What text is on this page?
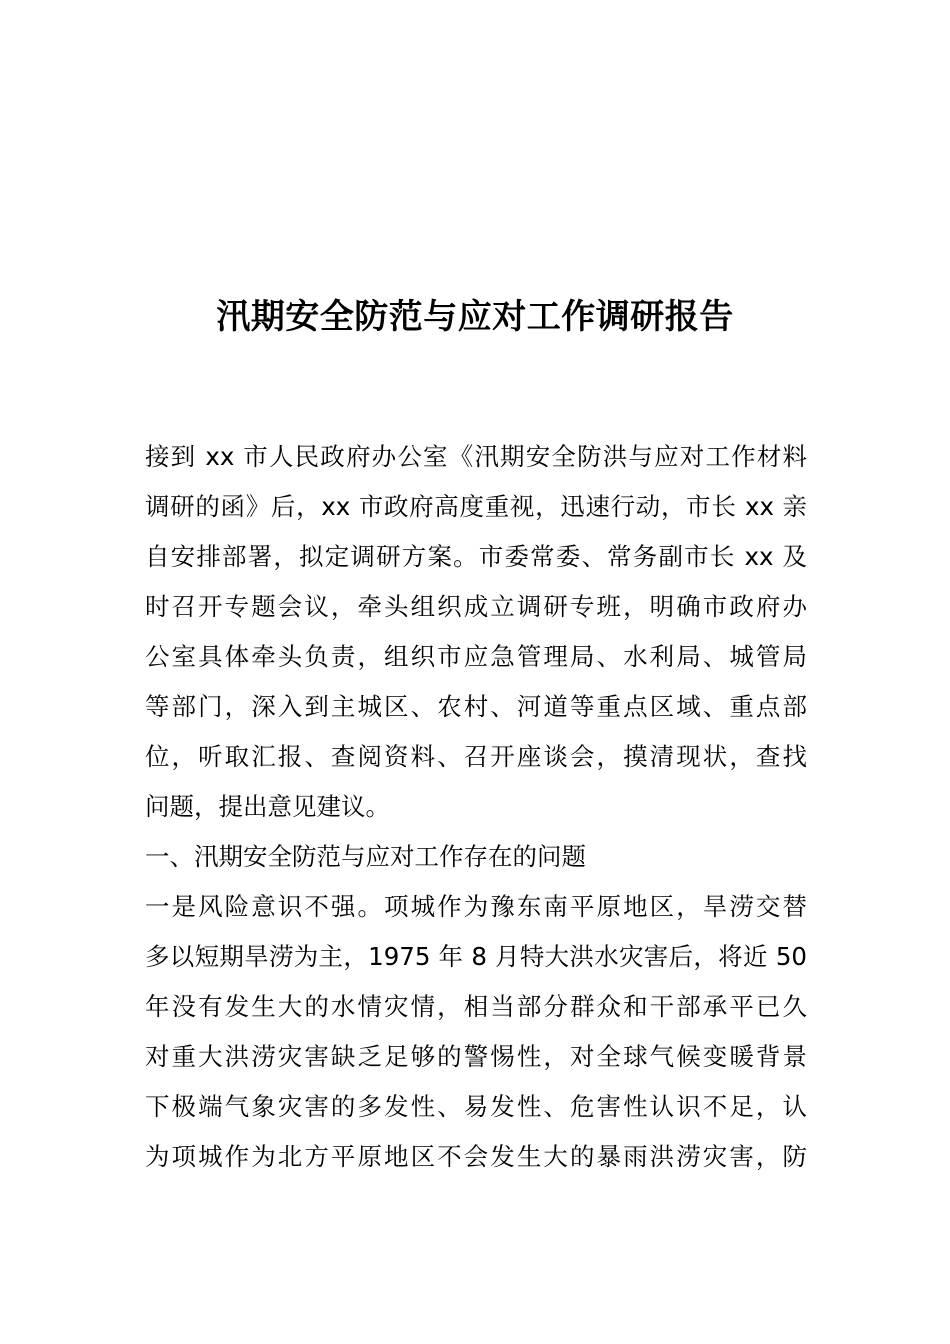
汛期安全防范与应对工作调研报告
接到 xx 市人民政府办公室《汛期安全防洪与应对工作材料
调研的函》后，xx 市政府高度重视，迅速行动，市长 xx 亲
自安排部署，拟定调研方案。市委常委、常务副市长 xx 及
时召开专题会议，牵头组织成立调研专班，明确市政府办
公室具体牵头负责，组织市应急管理局、水利局、城管局
等部门，深入到主城区、农村、河道等重点区域、重点部
位，听取汇报、查阅资料、召开座谈会，摸清现状，查找
问题，提出意见建议。
一、汛期安全防范与应对工作存在的问题
一是风险意识不强。项城作为豫东南平原地区，旱涝交替
多以短期旱涝为主，1975 年 8 月特大洪水灾害后，将近 50
年没有发生大的水情灾情，相当部分群众和干部承平已久
对重大洪涝灾害缺乏足够的警惕性，对全球气候变暖背景
下极端气象灾害的多发性、易发性、危害性认识不足，认
为项城作为北方平原地区不会发生大的暴雨洪涝灾害，防
